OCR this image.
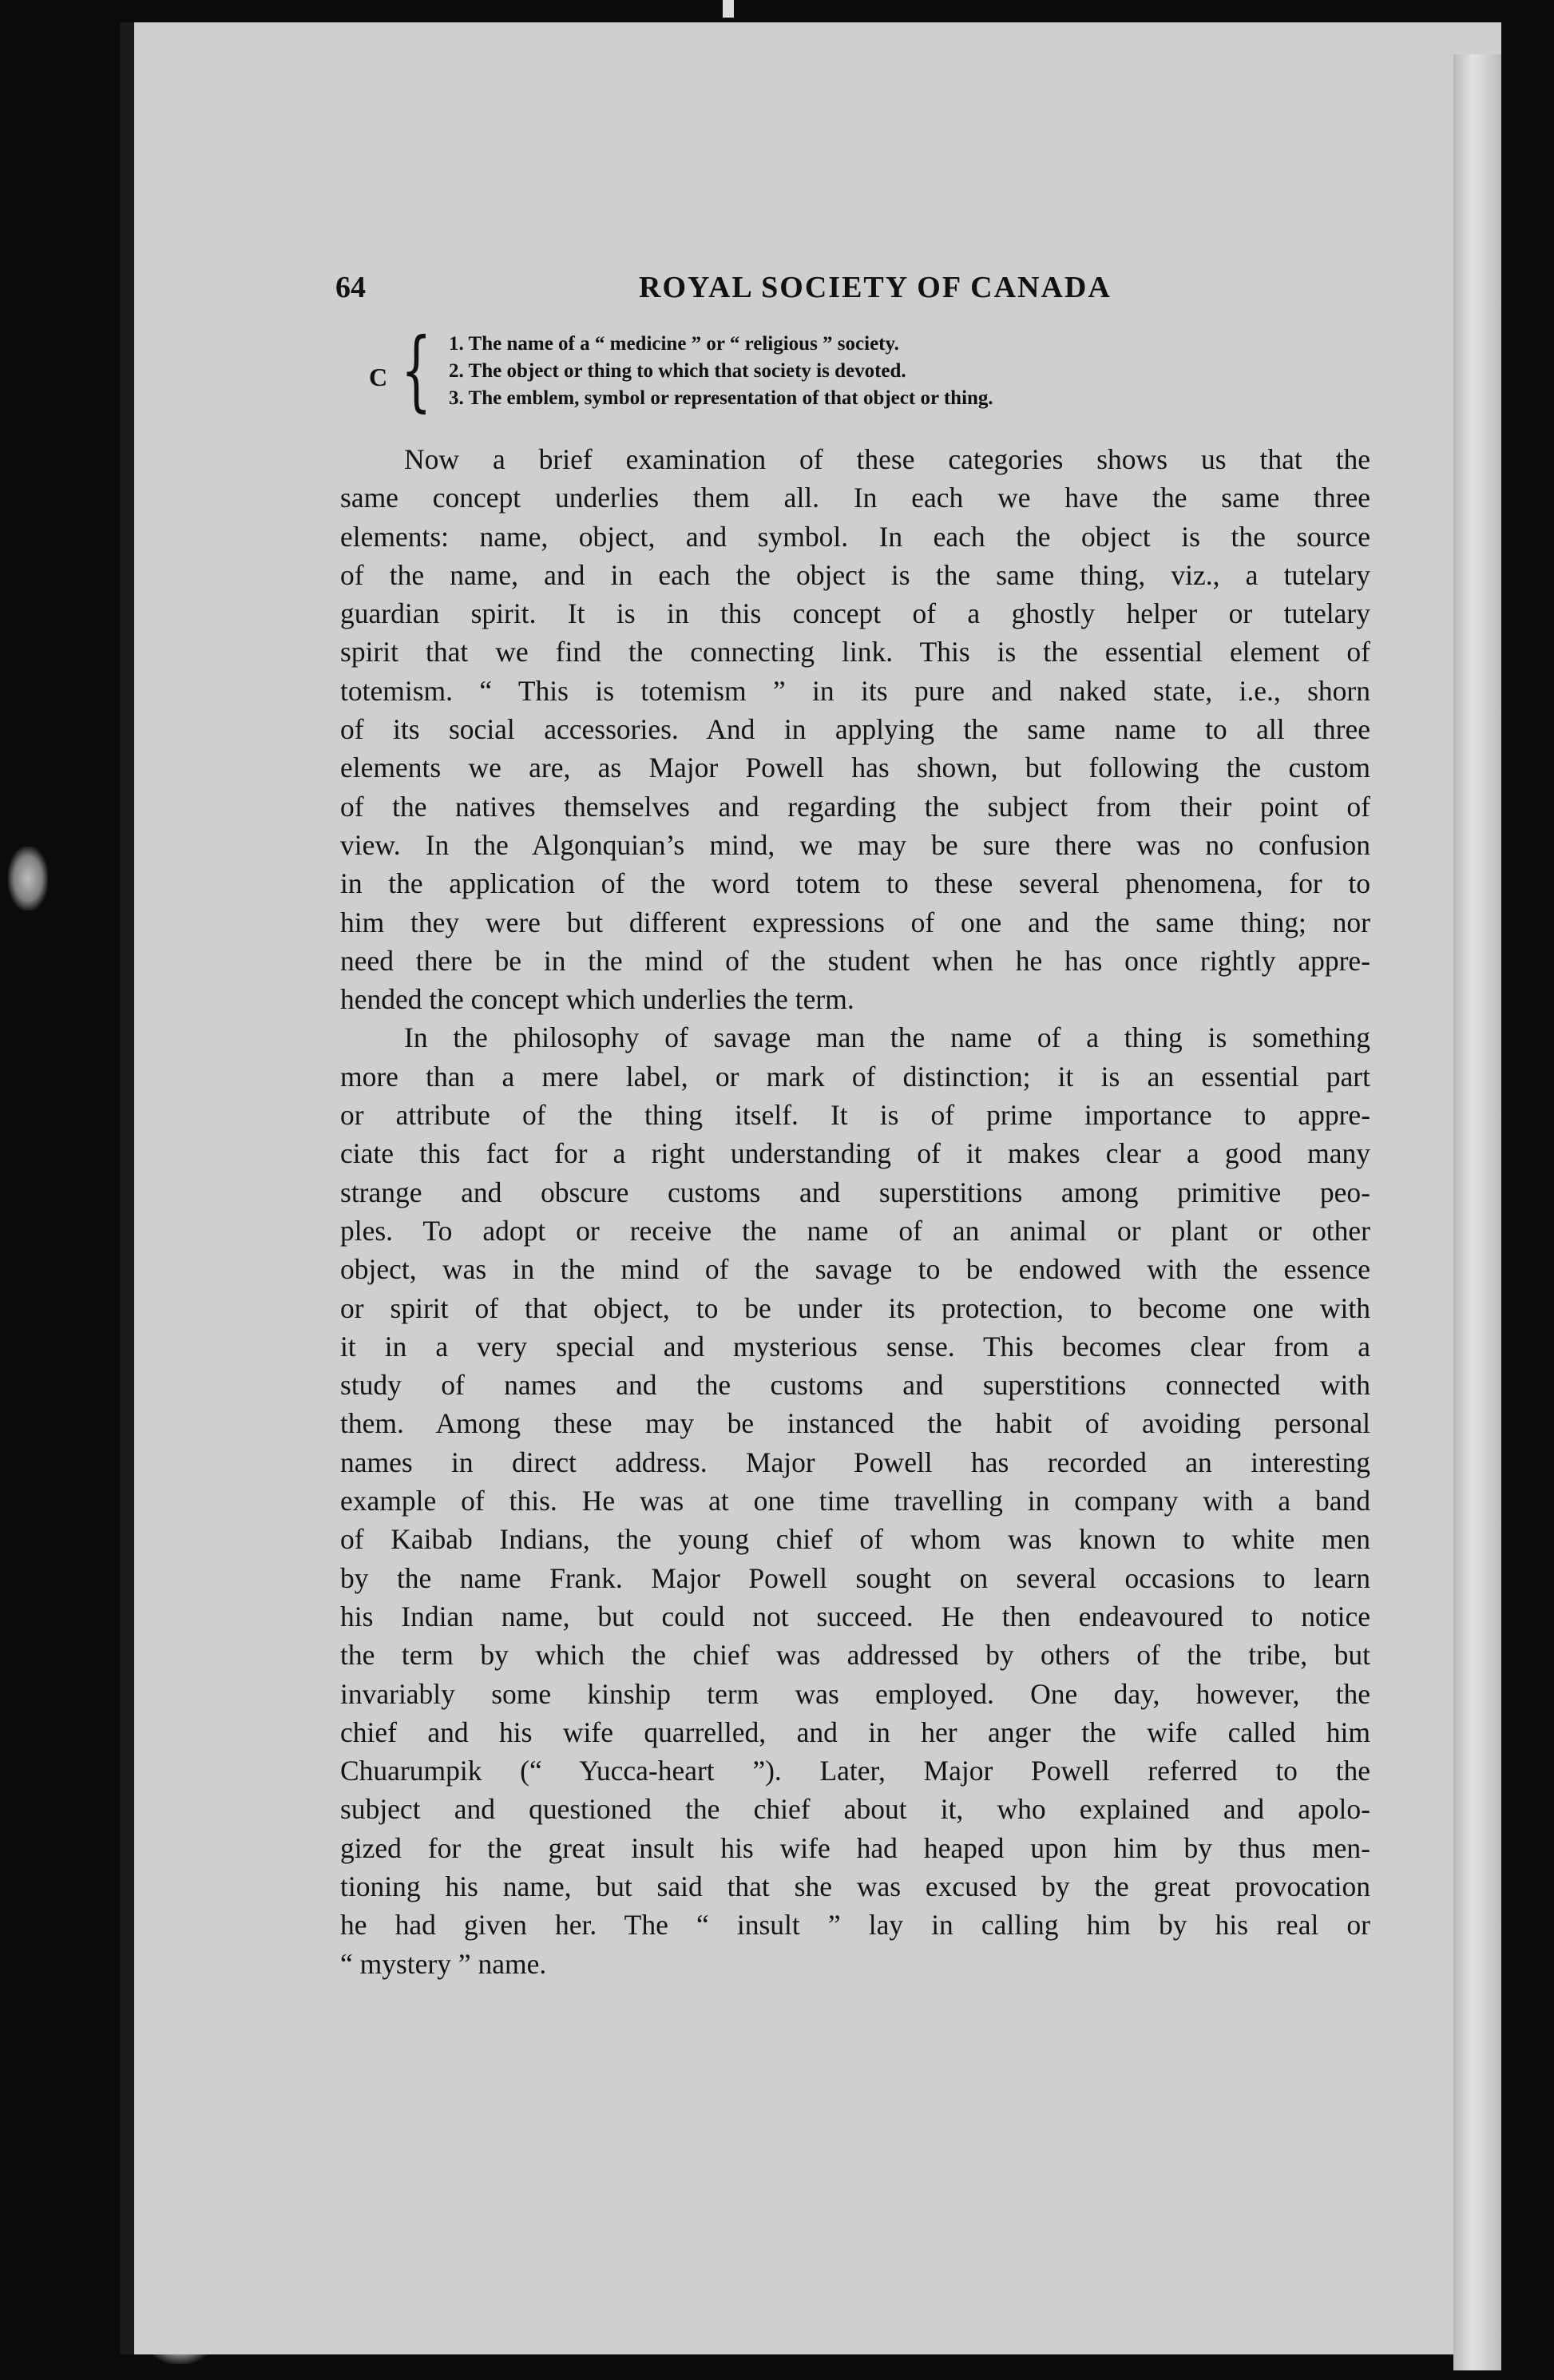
64	ROYAL SOCIETY OF CANADA
C { 1. The name of a “ medicine ” or “ religious ” society.
2. The object or thing to which that society is devoted.
3. The emblem, symbol or representation of that object or thing.
Now a brief examination of these categories shows us that the
same concept underlies them all. In each we have the same three
elements: name, object, and symbol. In each the object is the source
of the name, and in each the object is the same thing, viz., a tutelary
guardian spirit. It is in this concept of a ghostly helper or tutelary
spirit that we find the connecting link. This is the essential element of
totemism. “ This is totemism ” in its pure and naked state, i.e., shorn
of its social accessories. And in applying the same name to all three
elements we are, as Major Powell has shown, but following the custom
of the natives themselves and regarding the subject from their point of
view. In the Algonquian’s mind, we may be sure there was no confusion
in the application of the word totem to these several phenomena, for to
him they were but different expressions of one and the same thing; nor
need there be in the mind of the student when he has once rightly appre-
hended the concept which underlies the term.
In the philosophy of savage man the name of a thing is something
more than a mere label, or mark of distinction; it is an essential part
or attribute of the thing itself. It is of prime importance to appre-
ciate this fact for a right understanding of it makes clear a good many
strange and obscure customs and superstitions among primitive peo-
ples. To adopt or receive the name of an animal or plant or other
object, was in the mind of the savage to be endowed with the essence
or spirit of that object, to be under its protection, to become one with
it in a very special and mysterious sense. This becomes clear from a
study of names and the customs and superstitions connected with
them. Among these may be instanced the habit of avoiding personal
names in direct address. Major Powell has recorded an interesting
example of this. He was at one time travelling in company with a band
of Kaibab Indians, the young chief of whom was known to white men
by the name Frank. Major Powell sought on several occasions to learn
his Indian name, but could not succeed. He then endeavoured to notice
the term by which the chief was addressed by others of the tribe, but
invariably some kinship term was employed. One day, however, the
chief and his wife quarrelled, and in her anger the wife called him
Chuarumpik (“ Yucca-heart ”). Later, Major Powell referred to the
subject and questioned the chief about it, who explained and apolo-
gized for the great insult his wife had heaped upon him by thus men-
tioning his name, but said that she was excused by the great provocation
he had given her. The “ insult ” lay in calling him by his real or
“ mystery ” name.
